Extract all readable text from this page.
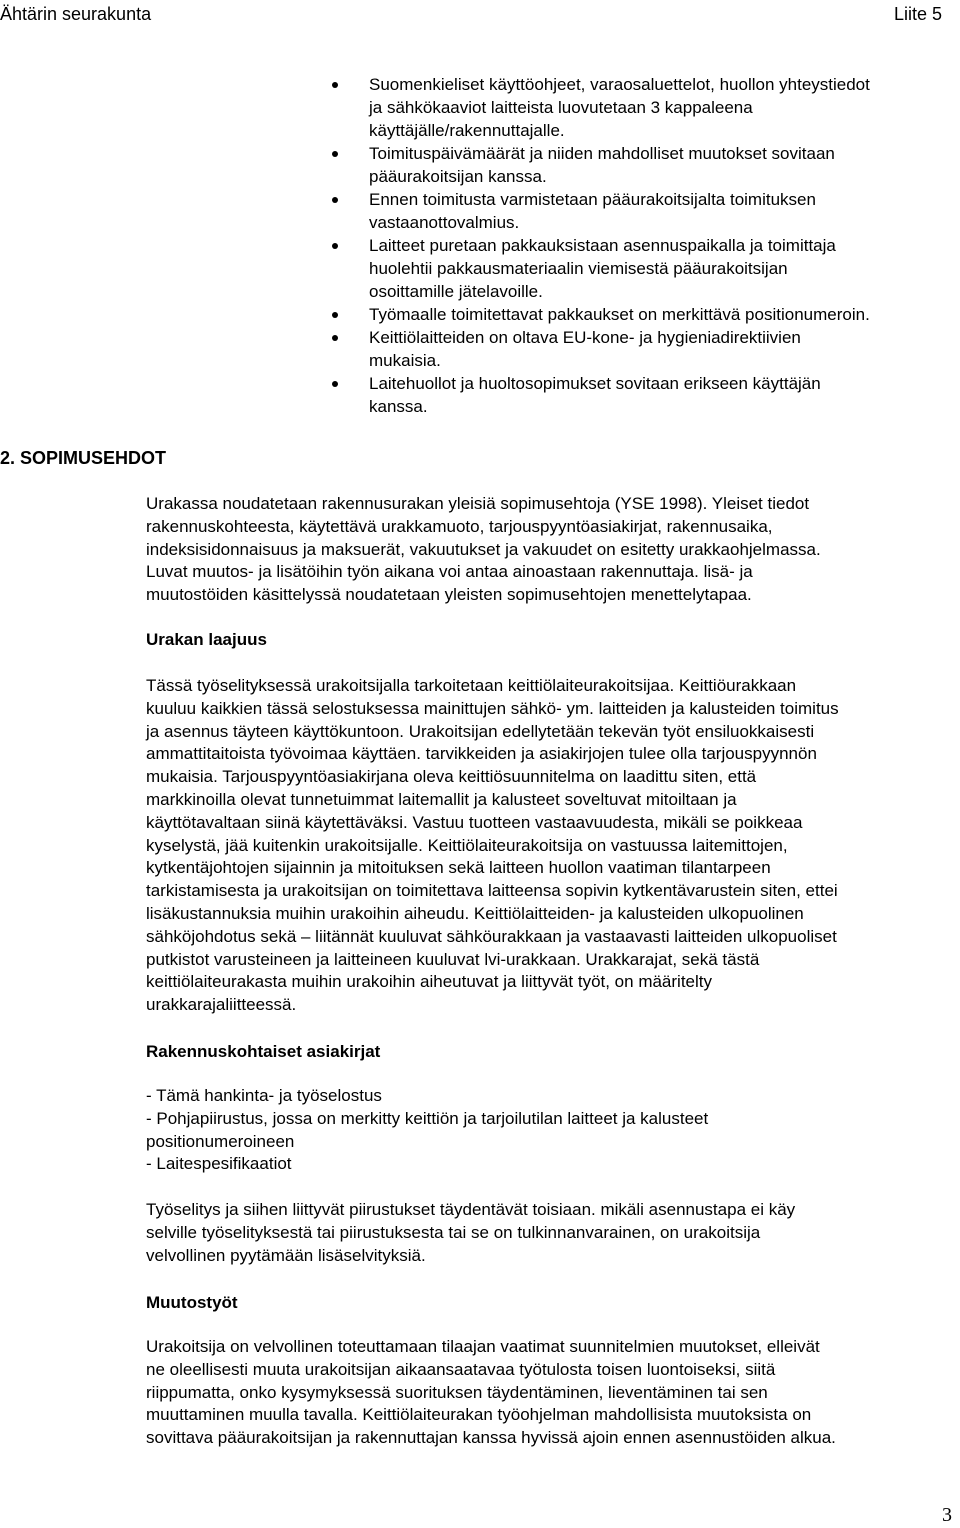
Ähtärin seurakunta	Liite 5
Suomenkieliset käyttöohjeet, varaosaluettelot, huollon yhteystiedot
ja sähkökaaviot laitteista luovutetaan 3 kappaleena
käyttäjälle/rakennuttajalle.
Toimituspäivämäärät ja niiden mahdolliset muutokset sovitaan
pääurakoitsijan kanssa.
Ennen toimitusta varmistetaan pääurakoitsijalta toimituksen
vastaanottovalmius.
Laitteet puretaan pakkauksistaan asennuspaikalla ja toimittaja
huolehtii pakkausmateriaalin viemisestä pääurakoitsijan
osoittamille jätelavoille.
Työmaalle toimitettavat pakkaukset on merkittävä positionumeroin.
Keittiölaitteiden on oltava EU-kone- ja hygieniadirektiivien
mukaisia.
Laitehuollot ja huoltosopimukset sovitaan erikseen käyttäjän
kanssa.
2. SOPIMUSEHDOT
Urakassa noudatetaan rakennusurakan yleisiä sopimusehtoja (YSE 1998). Yleiset tiedot
rakennuskohteesta, käytettävä urakkamuoto, tarjouspyyntöasiakirjat, rakennusaika,
indeksisidonnaisuus ja maksuerät, vakuutukset ja vakuudet on esitetty urakkaohjelmassa.
Luvat muutos- ja lisätöihin työn aikana voi antaa ainoastaan rakennuttaja. lisä- ja
muutostöiden käsittelyssä noudatetaan yleisten sopimusehtojen menettelytapaa.
Urakan laajuus
Tässä työselityksessä urakoitsijalla tarkoitetaan keittiölaiteurakoitsijaa. Keittiöurakkaan
kuuluu kaikkien tässä selostuksessa mainittujen sähkö- ym. laitteiden ja kalusteiden toimitus
ja asennus täyteen käyttökuntoon. Urakoitsijan edellytetään tekevän työt ensiluokkaisesti
ammattitaitoista työvoimaa käyttäen. tarvikkeiden ja asiakirjojen tulee olla tarjouspyynnön
mukaisia. Tarjouspyyntöasiakirjana oleva keittiösuunnitelma on laadittu siten, että
markkinoilla olevat tunnetuimmat laitemallit ja kalusteet soveltuvat mitoiltaan ja
käyttötavaltaan siinä käytettäväksi. Vastuu tuotteen vastaavuudesta, mikäli se poikkeaa
kyselystä, jää kuitenkin urakoitsijalle. Keittiölaiteurakoitsija on vastuussa laitemittojen,
kytkentäjohtojen sijainnin ja mitoituksen sekä laitteen huollon vaatiman tilantarpeen
tarkistamisesta ja urakoitsijan on toimitettava laitteensa sopivin kytkentävarustein siten, ettei
lisäkustannuksia muihin urakoihin aiheudu. Keittiölaitteiden- ja kalusteiden ulkopuolinen
sähköjohdotus sekä – liitännät kuuluvat sähköurakkaan ja vastaavasti laitteiden ulkopuoliset
putkistot varusteineen ja laitteineen kuuluvat lvi-urakkaan. Urakkarajat, sekä tästä
keittiölaiteurakasta muihin urakoihin aiheutuvat ja liittyvät työt, on määritelty
urakkarajaliitteessä.
Rakennuskohtaiset asiakirjat
- Tämä hankinta- ja työselostus
- Pohjapiirustus, jossa on merkitty keittiön ja tarjoilutilan laitteet ja kalusteet
positionumeroineen
- Laitespesifikaatiot
Työselitys ja siihen liittyvät piirustukset täydentävät toisiaan. mikäli asennustapa ei käy
selville työselityksestä tai piirustuksesta tai se on tulkinnanvarainen, on urakoitsija
velvollinen pyytämään lisäselvityksiä.
Muutostyöt
Urakoitsija on velvollinen toteuttamaan tilaajan vaatimat suunnitelmien muutokset, elleivät
ne oleellisesti muuta urakoitsijan aikaansaatavaa työtulosta toisen luontoiseksi, siitä
riippumatta, onko kysymyksessä suorituksen täydentäminen, lieventäminen tai sen
muuttaminen muulla tavalla. Keittiölaiteurakan työohjelman mahdollisista muutoksista on
sovittava pääurakoitsijan ja rakennuttajan kanssa hyvissä ajoin ennen asennustöiden alkua.
3
